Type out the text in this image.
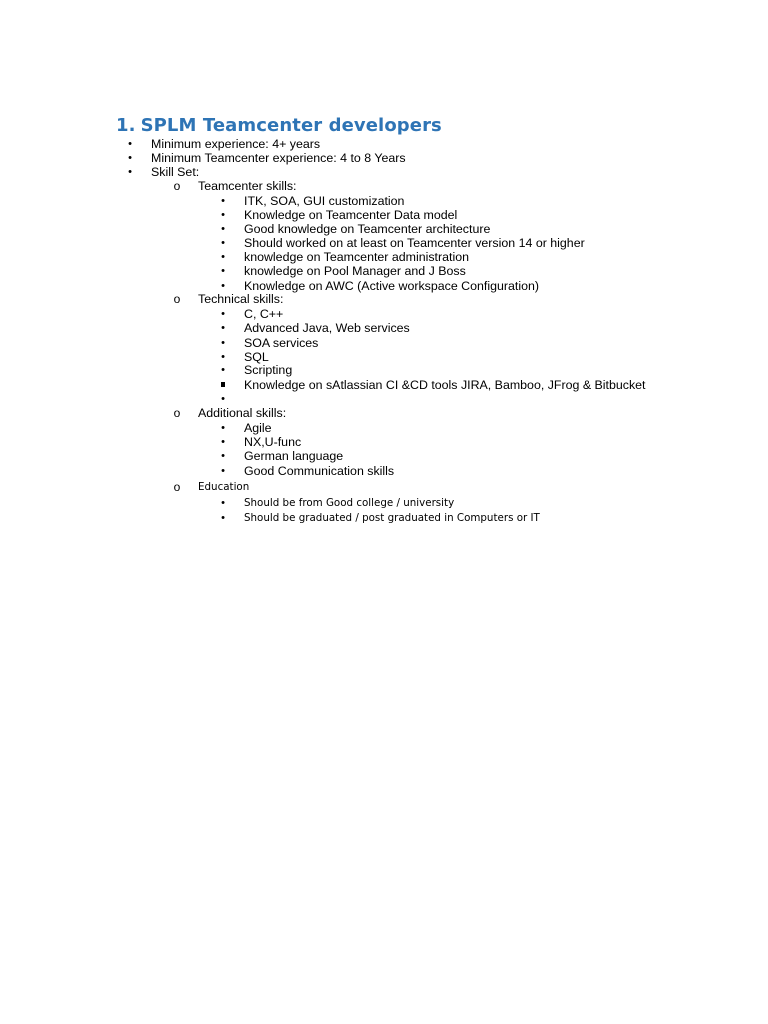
1. SPLM Teamcenter developers
•	Minimum experience: 4+ years
•	Minimum Teamcenter experience: 4 to 8 Years
•	Skill Set:
o Teamcenter skills:
•	ITK, SOA, GUI customization
•	Knowledge on Teamcenter Data model
•	Good knowledge on Teamcenter architecture
•	Should worked on at least on Teamcenter version 14 or higher
•	knowledge on Teamcenter administration
•	knowledge on Pool Manager and J Boss
•	Knowledge on AWC (Active workspace Configuration)
o Technical skills:
•	C, C++
•	Advanced Java, Web services
•	SOA services
•	SQL
•	Scripting
Knowledge on sAtlassian CI &CD tools JIRA, Bamboo, JFrog & Bitbucket
•
o Additional skills:
•	Agile
•	NX,U-func
•	German language
•	Good Communication skills
o Education
•	Should be from Good college / university
•	Should be graduated / post graduated in Computers or IT
